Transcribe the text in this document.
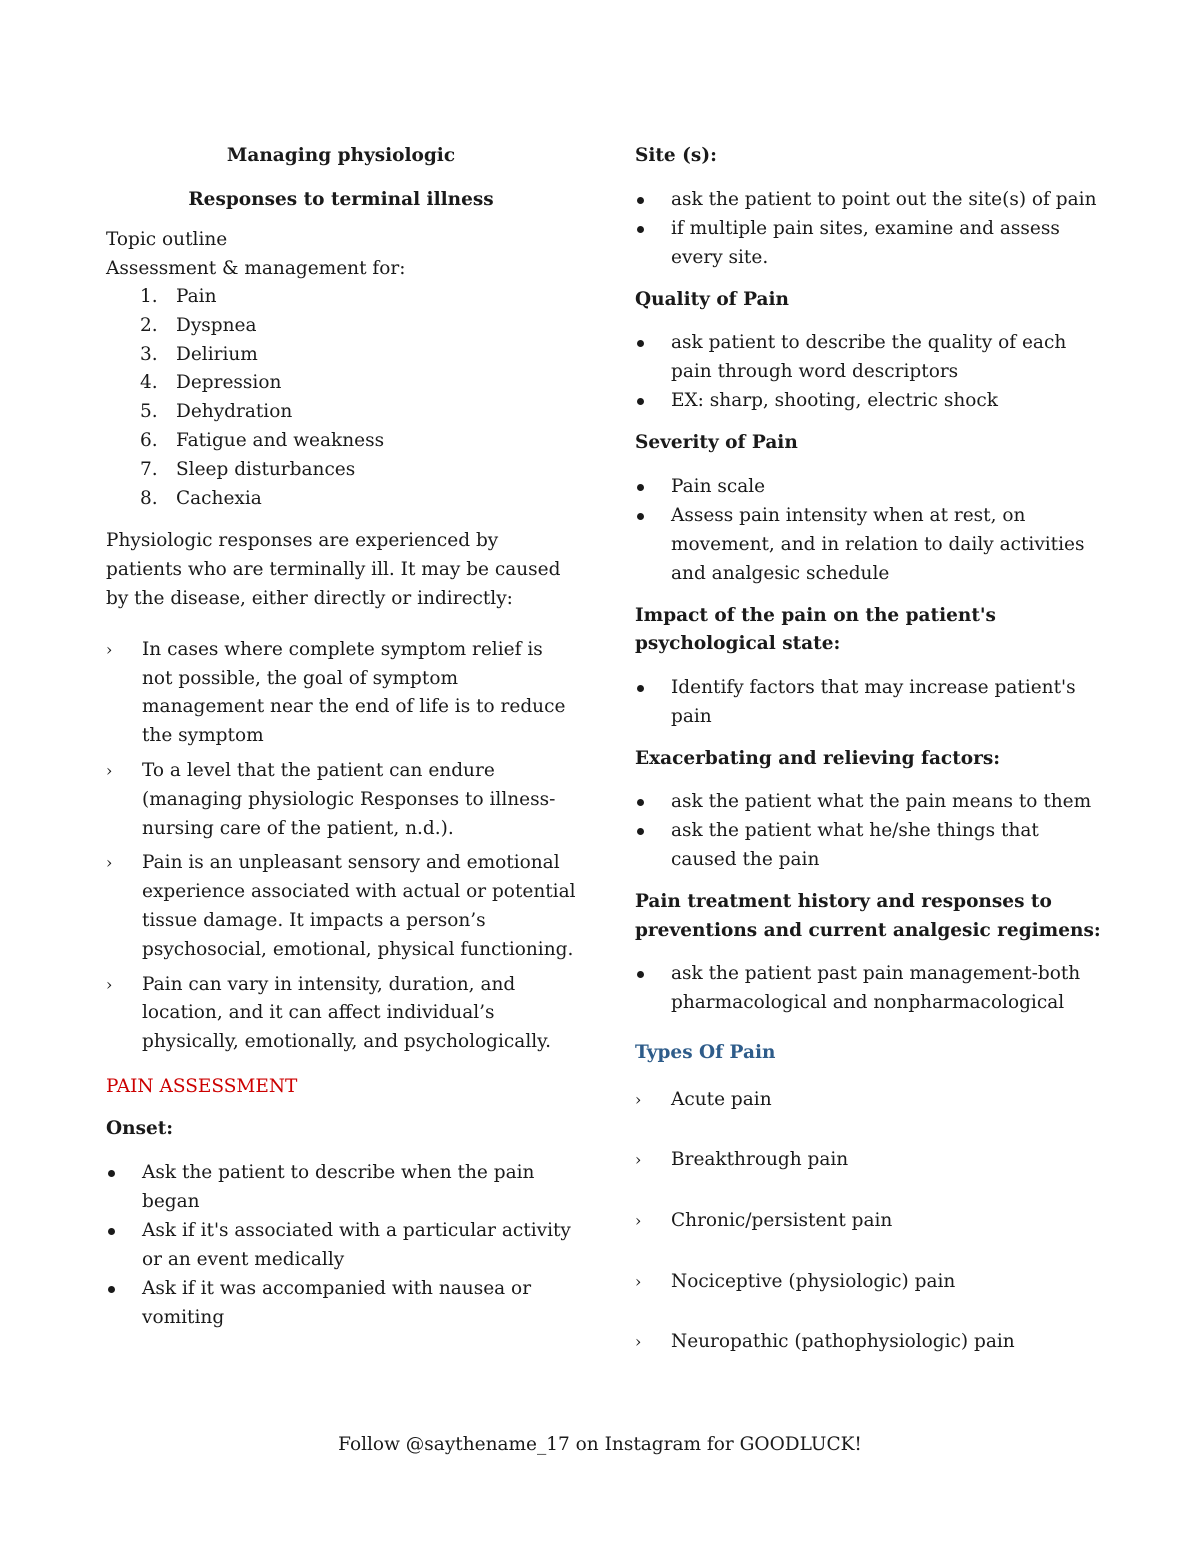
Managing physiologic
Responses to terminal illness
Topic outline
Assessment & management for:
1. Pain
2. Dyspnea
3. Delirium
4. Depression
5. Dehydration
6. Fatigue and weakness
7. Sleep disturbances
8. Cachexia
Physiologic responses are experienced by patients who are terminally ill. It may be caused by the disease, either directly or indirectly:
› In cases where complete symptom relief is not possible, the goal of symptom management near the end of life is to reduce the symptom
› To a level that the patient can endure (managing physiologic Responses to illness-nursing care of the patient, n.d.).
› Pain is an unpleasant sensory and emotional experience associated with actual or potential tissue damage. It impacts a person’s psychosocial, emotional, physical functioning.
› Pain can vary in intensity, duration, and location, and it can affect individual’s physically, emotionally, and psychologically.
PAIN ASSESSMENT
Onset:
Ask the patient to describe when the pain began
Ask if it's associated with a particular activity or an event medically
Ask if it was accompanied with nausea or vomiting
Site (s):
ask the patient to point out the site(s) of pain
if multiple pain sites, examine and assess every site.
Quality of Pain
ask patient to describe the quality of each pain through word descriptors
EX: sharp, shooting, electric shock
Severity of Pain
Pain scale
Assess pain intensity when at rest, on movement, and in relation to daily activities and analgesic schedule
Impact of the pain on the patient's psychological state:
Identify factors that may increase patient's pain
Exacerbating and relieving factors:
ask the patient what the pain means to them
ask the patient what he/she things that caused the pain
Pain treatment history and responses to preventions and current analgesic regimens:
ask the patient past pain management-both pharmacological and nonpharmacological
Types Of Pain
› Acute pain
› Breakthrough pain
› Chronic/persistent pain
› Nociceptive (physiologic) pain
› Neuropathic (pathophysiologic) pain
Follow @saythename_17 on Instagram for GOODLUCK!
